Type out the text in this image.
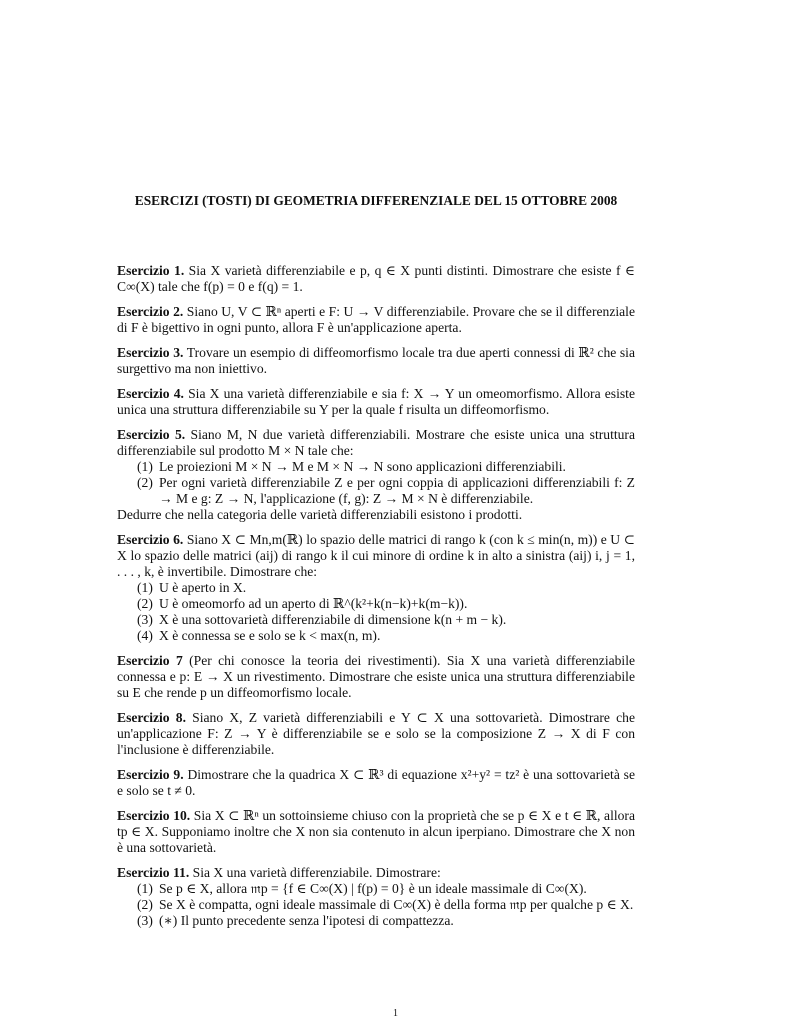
ESERCIZI (TOSTI) DI GEOMETRIA DIFFERENZIALE DEL 15 OTTOBRE 2008
Esercizio 1. Sia X varietà differenziabile e p, q ∈ X punti distinti. Dimostrare che esiste f ∈ C∞(X) tale che f(p) = 0 e f(q) = 1.
Esercizio 2. Siano U, V ⊂ ℝⁿ aperti e F: U → V differenziabile. Provare che se il differenziale di F è bigettivo in ogni punto, allora F è un'applicazione aperta.
Esercizio 3. Trovare un esempio di diffeomorfismo locale tra due aperti connessi di ℝ² che sia surgettivo ma non iniettivo.
Esercizio 4. Sia X una varietà differenziabile e sia f: X → Y un omeomorfismo. Allora esiste unica una struttura differenziabile su Y per la quale f risulta un diffeomorfismo.
Esercizio 5. Siano M, N due varietà differenziabili. Mostrare che esiste unica una struttura differenziabile sul prodotto M × N tale che:
(1) Le proiezioni M × N → M e M × N → N sono applicazioni differenziabili.
(2) Per ogni varietà differenziabile Z e per ogni coppia di applicazioni differenziabili f: Z → M e g: Z → N, l'applicazione (f, g): Z → M × N è differenziabile.
Dedurre che nella categoria delle varietà differenziabili esistono i prodotti.
Esercizio 6. Siano X ⊂ Mn,m(ℝ) lo spazio delle matrici di rango k (con k ≤ min(n, m)) e U ⊂ X lo spazio delle matrici (aij) di rango k il cui minore di ordine k in alto a sinistra (aij) i, j = 1, . . . , k, è invertibile. Dimostrare che:
(1) U è aperto in X.
(2) U è omeomorfo ad un aperto di ℝ^(k²+k(n−k)+k(m−k)).
(3) X è una sottovarietà differenziabile di dimensione k(n + m − k).
(4) X è connessa se e solo se k < max(n, m).
Esercizio 7 (Per chi conosce la teoria dei rivestimenti). Sia X una varietà differenziabile connessa e p: E → X un rivestimento. Dimostrare che esiste unica una struttura differenziabile su E che rende p un diffeomorfismo locale.
Esercizio 8. Siano X, Z varietà differenziabili e Y ⊂ X una sottovarietà. Dimostrare che un'applicazione F: Z → Y è differenziabile se e solo se la composizione Z → X di F con l'inclusione è differenziabile.
Esercizio 9. Dimostrare che la quadrica X ⊂ ℝ³ di equazione x²+y² = tz² è una sottovarietà se e solo se t ≠ 0.
Esercizio 10. Sia X ⊂ ℝⁿ un sottoinsieme chiuso con la proprietà che se p ∈ X e t ∈ ℝ, allora tp ∈ X. Supponiamo inoltre che X non sia contenuto in alcun iperpiano. Dimostrare che X non è una sottovarietà.
Esercizio 11. Sia X una varietà differenziabile. Dimostrare:
(1) Se p ∈ X, allora 𝔪p = {f ∈ C∞(X) | f(p) = 0} è un ideale massimale di C∞(X).
(2) Se X è compatta, ogni ideale massimale di C∞(X) è della forma 𝔪p per qualche p ∈ X.
(3) (∗) Il punto precedente senza l'ipotesi di compattezza.
1
